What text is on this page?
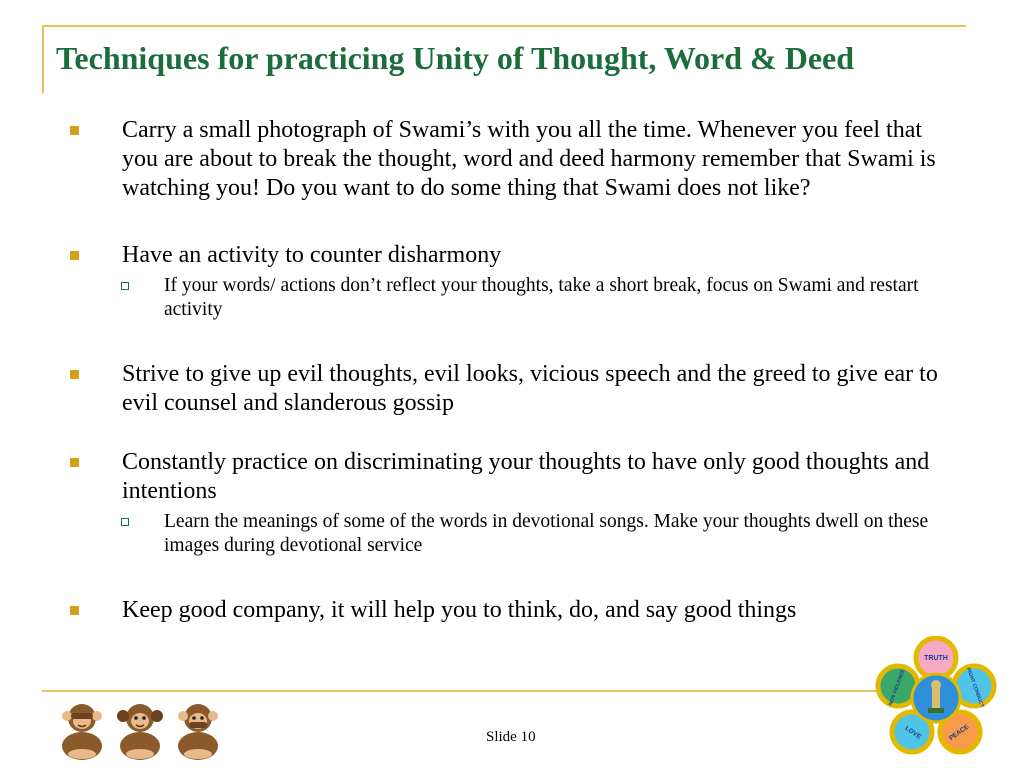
Techniques for practicing Unity of Thought, Word & Deed
Carry a small photograph of Swami’s with you all the time. Whenever you feel that you are about to break the thought, word and deed harmony remember that Swami is watching you! Do you want to do some thing that Swami does not like?
Have an activity to counter disharmony
If your words/ actions don’t reflect your thoughts, take a short break, focus on Swami and restart activity
Strive to give up evil thoughts, evil looks, vicious speech and the greed to give ear to evil counsel and slanderous gossip
Constantly practice on discriminating your thoughts to have only good thoughts and intentions
Learn the meanings of some of the words in devotional songs. Make your thoughts dwell on these images during devotional service
Keep good company, it will help you to think, do, and say good things
Slide 10
TRUTH
RIGHT CONDUCT
PEACE
LOVE
NON VIOLENCE
